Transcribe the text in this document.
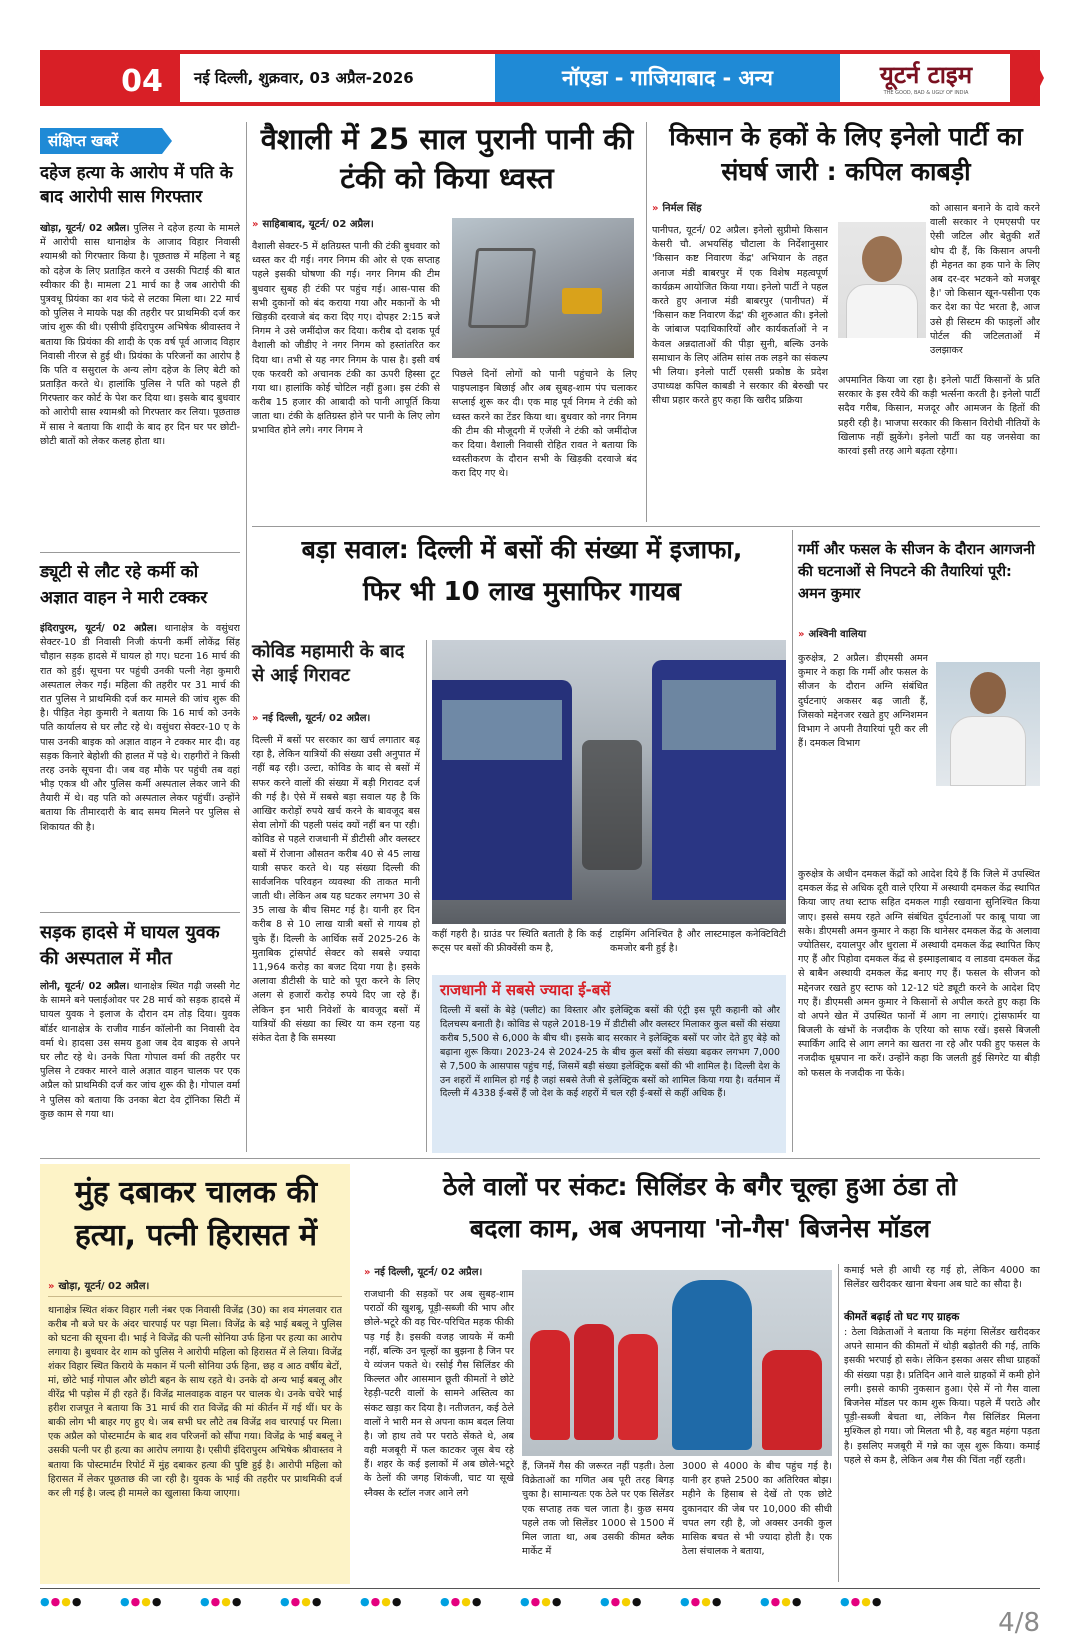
04	नई दिल्ली, शुक्रवार, 03 अप्रैल-2026	नॉएडा - गाजियाबाद - अन्य	यूटर्न टाइम
THE GOOD, BAD & UGLY OF INDIA
संक्षिप्त खबरें
दहेज हत्या के आरोप में पति के बाद आरोपी सास गिरफ्तार
खोड़ा, यूटर्न/ 02 अप्रैल। पुलिस ने दहेज हत्या के मामले में आरोपी सास थानाक्षेत्र के आजाद विहार निवासी श्यामश्री को गिरफ्तार किया है। पूछताछ में महिला ने बहू को दहेज के लिए प्रताड़ित करने व उसकी पिटाई की बात स्वीकार की है। मामला 21 मार्च का है जब आरोपी की पुत्रवधू प्रियंका का शव फंदे से लटका मिला था। 22 मार्च को पुलिस ने मायके पक्ष की तहरीर पर प्राथमिकी दर्ज कर जांच शुरू की थी। एसीपी इंदिरापुरम अभिषेक श्रीवास्तव ने बताया कि प्रियंका की शादी के एक वर्ष पूर्व आजाद विहार निवासी नीरज से हुई थी। प्रियंका के परिजनों का आरोप है कि पति व ससुराल के अन्य लोग दहेज के लिए बेटी को प्रताड़ित करते थे। हालांकि पुलिस ने पति को पहले ही गिरफ्तार कर कोर्ट के पेश कर दिया था। इसके बाद बुधवार को आरोपी सास श्यामश्री को गिरफ्तार कर लिया। पूछताछ में सास ने बताया कि शादी के बाद हर दिन घर पर छोटी-छोटी बातों को लेकर कलह होता था।
ड्यूटी से लौट रहे कर्मी को अज्ञात वाहन ने मारी टक्कर
इंदिरापुरम, यूटर्न/ 02 अप्रैल। थानाक्षेत्र के वसुंधरा सेक्टर-10 डी निवासी निजी कंपनी कर्मी लोकेंद्र सिंह चौहान सड़क हादसे में घायल हो गए। घटना 16 मार्च की रात को हुई। सूचना पर पहुंची उनकी पत्नी नेहा कुमारी अस्पताल लेकर गईं। महिला की तहरीर पर 31 मार्च की रात पुलिस ने प्राथमिकी दर्ज कर मामले की जांच शुरू की है। पीड़ित नेहा कुमारी ने बताया कि 16 मार्च को उनके पति कार्यालय से घर लौट रहे थे। वसुंधरा सेक्टर-10 ए के पास उनकी बाइक को अज्ञात वाहन ने टक्कर मार दी। वह सड़क किनारे बेहोशी की हालत में पड़े थे। राहगीरों ने किसी तरह उनके सूचना दी। जब वह मौके पर पहुंची तब वहां भीड़ एकत्र थी और पुलिस कर्मी अस्पताल लेकर जाने की तैयारी में थे। वह पति को अस्पताल लेकर पहुंचीं। उन्होंने बताया कि तीमारदारी के बाद समय मिलने पर पुलिस से शिकायत की है।
सड़क हादसे में घायल युवक की अस्पताल में मौत
लोनी, यूटर्न/ 02 अप्रैल। थानाक्षेत्र स्थित गढ़ी जस्सी गेट के सामने बने फ्लाईओवर पर 28 मार्च को सड़क हादसे में घायल युवक ने इलाज के दौरान दम तोड़ दिया। युवक बॉर्डर थानाक्षेत्र के राजीव गार्डन कॉलोनी का निवासी देव वर्मा थे। हादसा उस समय हुआ जब देव बाइक से अपने घर लौट रहे थे। उनके पिता गोपाल वर्मा की तहरीर पर पुलिस ने टक्कर मारने वाले अज्ञात वाहन चालक पर एक अप्रैल को प्राथमिकी दर्ज कर जांच शुरू की है। गोपाल वर्मा ने पुलिस को बताया कि उनका बेटा देव ट्रॉनिका सिटी में कुछ काम से गया था।
वैशाली में 25 साल पुरानी पानी की टंकी को किया ध्वस्त
» साहिबाबाद, यूटर्न/ 02 अप्रैल।
वैशाली सेक्टर-5 में क्षतिग्रस्त पानी की टंकी बुधवार को ध्वस्त कर दी गई। नगर निगम की ओर से एक सप्ताह पहले इसकी घोषणा की गई। नगर निगम की टीम बुधवार सुबह ही टंकी पर पहुंच गई। आस-पास की सभी दुकानों को बंद कराया गया और मकानों के भी खिड़की दरवाजे बंद करा दिए गए। दोपहर 2:15 बजे निगम ने उसे जमींदोज कर दिया। करीब दो दशक पूर्व वैशाली को जीडीए ने नगर निगम को हस्तांतरित कर दिया था। तभी से यह नगर निगम के पास है। इसी वर्ष एक फरवरी को अचानक टंकी का ऊपरी हिस्सा टूट गया था। हालांकि कोई चोटिल नहीं हुआ। इस टंकी से करीब 15 हजार की आबादी को पानी आपूर्ति किया जाता था। टंकी के क्षतिग्रस्त होने पर पानी के लिए लोग प्रभावित होने लगे। नगर निगम ने
पिछले दिनों लोगों को पानी पहुंचाने के लिए पाइपलाइन बिछाई और अब सुबह-शाम पंप चलाकर सप्लाई शुरू कर दी। एक माह पूर्व निगम ने टंकी को ध्वस्त करने का टेंडर किया था। बुधवार को नगर निगम की टीम की मौजूदगी में एजेंसी ने टंकी को जमींदोज कर दिया। वैशाली निवासी रोहित रावत ने बताया कि ध्वस्तीकरण के दौरान सभी के खिड़की दरवाजे बंद करा दिए गए थे।
किसान के हकों के लिए इनेलो पार्टी का संघर्ष जारी : कपिल काबड़ी
» निर्मल सिंह
पानीपत, यूटर्न/ 02 अप्रैल। इनेलो सुप्रीमो किसान केसरी चौ. अभयसिंह चौटाला के निर्देशानुसार 'किसान कष्ट निवारण केंद्र' अभियान के तहत अनाज मंडी बाबरपुर में एक विशेष महत्वपूर्ण कार्यक्रम आयोजित किया गया। इनेलो पार्टी ने पहल करते हुए अनाज मंडी बाबरपुर (पानीपत) में 'किसान कष्ट निवारण केंद्र' की शुरुआत की। इनेलो के जांबाज पदाधिकारियों और कार्यकर्ताओं ने न केवल अन्नदाताओं की पीड़ा सुनी, बल्कि उनके समाधान के लिए अंतिम सांस तक लड़ने का संकल्प भी लिया। इनेलो पार्टी एससी प्रकोष्ठ के प्रदेश उपाध्यक्ष कपिल काबडी ने सरकार की बेरुखी पर सीधा प्रहार करते हुए कहा कि खरीद प्रक्रिया
को आसान बनाने के दावे करने वाली सरकार ने एमएसपी पर ऐसी जटिल और बेतुकी शर्तें थोप दी हैं, कि किसान अपनी ही मेहनत का हक पाने के लिए अब दर-दर भटकने को मजबूर है।' जो किसान खून-पसीना एक कर देश का पेट भरता है, आज उसे ही सिस्टम की फाइलों और पोर्टल की जटिलताओं में उलझाकर
अपमानित किया जा रहा है। इनेलो पार्टी किसानों के प्रति सरकार के इस रवैये की कड़ी भर्त्सना करती है। इनेलो पार्टी सदैव गरीब, किसान, मजदूर और आमजन के हितों की प्रहरी रही है। भाजपा सरकार की किसान विरोधी नीतियों के खिलाफ नहीं झुकेंगे। इनेलो पार्टी का यह जनसेवा का कारवां इसी तरह आगे बढ़ता रहेगा।
बड़ा सवाल: दिल्ली में बसों की संख्या में इजाफा,
फिर भी 10 लाख मुसाफिर गायब
कोविड महामारी के बाद से आई गिरावट
» नई दिल्ली, यूटर्न/ 02 अप्रैल।
दिल्ली में बसों पर सरकार का खर्च लगातार बढ़ रहा है, लेकिन यात्रियों की संख्या उसी अनुपात में नहीं बढ़ रही। उल्टा, कोविड के बाद से बसों में सफर करने वालों की संख्या में बड़ी गिरावट दर्ज की गई है। ऐसे में सबसे बड़ा सवाल यह है कि आखिर करोड़ों रुपये खर्च करने के बावजूद बस सेवा लोगों की पहली पसंद क्यों नहीं बन पा रही। कोविड से पहले राजधानी में डीटीसी और क्लस्टर बसों में रोजाना औसतन करीब 40 से 45 लाख यात्री सफर करते थे। यह संख्या दिल्ली की सार्वजनिक परिवहन व्यवस्था की ताकत मानी जाती थी। लेकिन अब यह घटकर लगभग 30 से 35 लाख के बीच सिमट गई है। यानी हर दिन करीब 8 से 10 लाख यात्री बसों से गायब हो चुके हैं। दिल्ली के आर्थिक सर्वे 2025-26 के मुताबिक ट्रांसपोर्ट सेक्टर को सबसे ज्यादा 11,964 करोड़ का बजट दिया गया है। इसके अलावा डीटीसी के घाटे को पूरा करने के लिए अलग से हजारों करोड़ रुपये दिए जा रहे हैं। लेकिन इन भारी निवेशों के बावजूद बसों में यात्रियों की संख्या का स्थिर या कम रहना यह संकेत देता है कि समस्या
कहीं गहरी है। ग्राउंड पर स्थिति बताती है कि कई रूट्स पर बसों की फ्रीक्वेंसी कम है,
टाइमिंग अनिश्चित है और लास्टमाइल कनेक्टिविटी कमजोर बनी हुई है।
राजधानी में सबसे ज्यादा ई-बसें
दिल्ली में बसों के बेड़े (फ्लीट) का विस्तार और इलेक्ट्रिक बसों की एंट्री इस पूरी कहानी को और दिलचस्प बनाती है। कोविड से पहले 2018-19 में डीटीसी और क्लस्टर मिलाकर कुल बसों की संख्या करीब 5,500 से 6,000 के बीच थी। इसके बाद सरकार ने इलेक्ट्रिक बसों पर जोर देते हुए बेड़े को बढ़ाना शुरू किया। 2023-24 से 2024-25 के बीच कुल बसों की संख्या बढ़कर लगभग 7,000 से 7,500 के आसपास पहुंच गई, जिसमें बड़ी संख्या इलेक्ट्रिक बसों की भी शामिल है। दिल्ली देश के उन शहरों में शामिल हो गई है जहां सबसे तेजी से इलेक्ट्रिक बसों को शामिल किया गया है। वर्तमान में दिल्ली में 4338 ई-बसें हैं जो देश के कई शहरों में चल रही ई-बसों से कहीं अधिक हैं।
गर्मी और फसल के सीजन के दौरान आगजनी की घटनाओं से निपटने की तैयारियां पूरी: अमन कुमार
» अश्विनी वालिया
कुरुक्षेत्र, 2 अप्रैल। डीएमसी अमन कुमार ने कहा कि गर्मी और फसल के सीजन के दौरान अग्नि संबंधित दुर्घटनाएं अकसर बढ़ जाती हैं, जिसको मद्देनजर रखते हुए अग्निशमन विभाग ने अपनी तैयारियां पूरी कर ली हैं। दमकल विभाग
कुरुक्षेत्र के अधीन दमकल केंद्रों को आदेश दिये हैं कि जिले में उपस्थित दमकल केंद्र से अधिक दूरी वाले एरिया में अस्थायी दमकल केंद्र स्थापित किया जाए तथा स्टाफ सहित दमकल गाड़ी रखवाना सुनिश्चित किया जाए। इससे समय रहते अग्नि संबंधित दुर्घटनाओं पर काबू पाया जा सके। डीएमसी अमन कुमार ने कहा कि थानेसर दमकल केंद्र के अलावा ज्योतिसर, दयालपुर और धुराला में अस्थायी दमकल केंद्र स्थापित किए गए हैं और पिहोवा दमकल केंद्र से इस्माइलाबाद व लाडवा दमकल केंद्र से बाबैन अस्थायी दमकल केंद्र बनाए गए हैं। फसल के सीजन को मद्देनजर रखते हुए स्टाफ को 12-12 घंटे ड्यूटी करने के आदेश दिए गए हैं। डीएमसी अमन कुमार ने किसानों से अपील करते हुए कहा कि वो अपने खेत में उपस्थित फानों में आग ना लगाएं। ट्रांसफार्मर या बिजली के खंभों के नजदीक के एरिया को साफ रखें। इससे बिजली स्पार्किंग आदि से आग लगने का खतरा ना रहे और पकी हुए फसल के नजदीक धूम्रपान ना करें। उन्होंने कहा कि जलती हुई सिगरेट या बीड़ी को फसल के नजदीक ना फेंके।
मुंह दबाकर चालक की हत्या, पत्नी हिरासत में
» खोड़ा, यूटर्न/ 02 अप्रैल।
थानाक्षेत्र स्थित शंकर विहार गली नंबर एक निवासी विजेंद्र (30) का शव मंगलवार रात करीब नौ बजे घर के अंदर चारपाई पर पड़ा मिला। विजेंद्र के बड़े भाई बबलू ने पुलिस को घटना की सूचना दी। भाई ने विजेंद्र की पत्नी सोनिया उर्फ हिना पर हत्या का आरोप लगाया है। बुधवार देर शाम को पुलिस ने आरोपी महिला को हिरासत में ले लिया। विजेंद्र शंकर विहार स्थित किराये के मकान में पत्नी सोनिया उर्फ हिना, छह व आठ वर्षीय बेटों, मां, छोटे भाई गोपाल और छोटी बहन के साथ रहते थे। उनके दो अन्य भाई बबलू और वीरेंद्र भी पड़ोस में ही रहते हैं। विजेंद्र मालवाहक वाहन पर चालक थे। उनके चचेरे भाई हरीश राजपूत ने बताया कि 31 मार्च की रात विजेंद्र की मां कीर्तन में गई थीं। घर के बाकी लोग भी बाहर गए हुए थे। जब सभी घर लौटे तब विजेंद्र शव चारपाई पर मिला। एक अप्रैल को पोस्टमार्टम के बाद शव परिजनों को सौंपा गया। विजेंद्र के भाई बबलू ने उसकी पत्नी पर ही हत्या का आरोप लगाया है। एसीपी इंदिरापुरम अभिषेक श्रीवास्तव ने बताया कि पोस्टमार्टम रिपोर्ट में मुंह दबाकर हत्या की पुष्टि हुई है। आरोपी महिला को हिरासत में लेकर पूछताछ की जा रही है। युवक के भाई की तहरीर पर प्राथमिकी दर्ज कर ली गई है। जल्द ही मामले का खुलासा किया जाएगा।
ठेले वालों पर संकट: सिलिंडर के बगैर चूल्हा हुआ ठंडा तो
बदला काम, अब अपनाया 'नो-गैस' बिजनेस मॉडल
» नई दिल्ली, यूटर्न/ 02 अप्रैल।
राजधानी की सड़कों पर अब सुबह-शाम पराठों की खुशबू, पूड़ी-सब्जी की भाप और छोले-भटूरे की वह चिर-परिचित महक फीकी पड़ गई है। इसकी वजह जायके में कमी नहीं, बल्कि उन चूल्हों का बुझना है जिन पर ये व्यंजन पकते थे। रसोई गैस सिलिंडर की किल्लत और आसमान छूती कीमतों ने छोटे रेहड़ी-पटरी वालों के सामने अस्तित्व का संकट खड़ा कर दिया है। नतीजतन, कई ठेले वालों ने भारी मन से अपना काम बदल लिया है। जो हाथ तवे पर पराठे सेंकते थे, अब वही मजबूरी में फल काटकर जूस बेच रहे हैं। शहर के कई इलाकों में अब छोले-भटूरे के ठेलों की जगह शिकंजी, चाट या सूखे स्नैक्स के स्टॉल नजर आने लगे
हैं, जिनमें गैस की जरूरत नहीं पड़ती। ठेला विक्रेताओं का गणित अब पूरी तरह बिगड़ चुका है। सामान्यतः एक ठेले पर एक सिलेंडर एक सप्ताह तक चल जाता है। कुछ समय पहले तक जो सिलेंडर 1000 से 1500 में मिल जाता था, अब उसकी कीमत ब्लैक मार्केट में
3000 से 4000 के बीच पहुंच गई है। यानी हर हफ्ते 2500 का अतिरिक्त बोझ। महीने के हिसाब से देखें तो एक छोटे दुकानदार की जेब पर 10,000 की सीधी चपत लग रही है, जो अक्सर उनकी कुल मासिक बचत से भी ज्यादा होती है। एक ठेला संचालक ने बताया,
कमाई भले ही आधी रह गई हो, लेकिन 4000 का सिलेंडर खरीदकर खाना बेचना अब घाटे का सौदा है।
कीमतें बढ़ाई तो घट गए ग्राहक
: ठेला विक्रेताओं ने बताया कि महंगा सिलेंडर खरीदकर अपने सामान की कीमतों में थोड़ी बढ़ोतरी की गई, ताकि इसकी भरपाई हो सके। लेकिन इसका असर सीधा ग्राहकों की संख्या पड़ा है। प्रतिदिन आने वाले ग्राहकों में कमी होने लगी। इससे काफी नुकसान हुआ। ऐसे में नो गैस वाला बिजनेस मॉडल पर काम शुरू किया। पहले मैं पराठे और पूड़ी-सब्जी बेचता था, लेकिन गैस सिलिंडर मिलना मुश्किल हो गया। जो मिलता भी है, वह बहुत महंगा पड़ता है। इसलिए मजबूरी में गन्ने का जूस शुरू किया। कमाई पहले से कम है, लेकिन अब गैस की चिंता नहीं रहती।
●●●●	●●●●	●●●●	●●●●	●●●●	●●●●	●●●●	●●●●	●●●●	●●●●	●●●●
4/8
